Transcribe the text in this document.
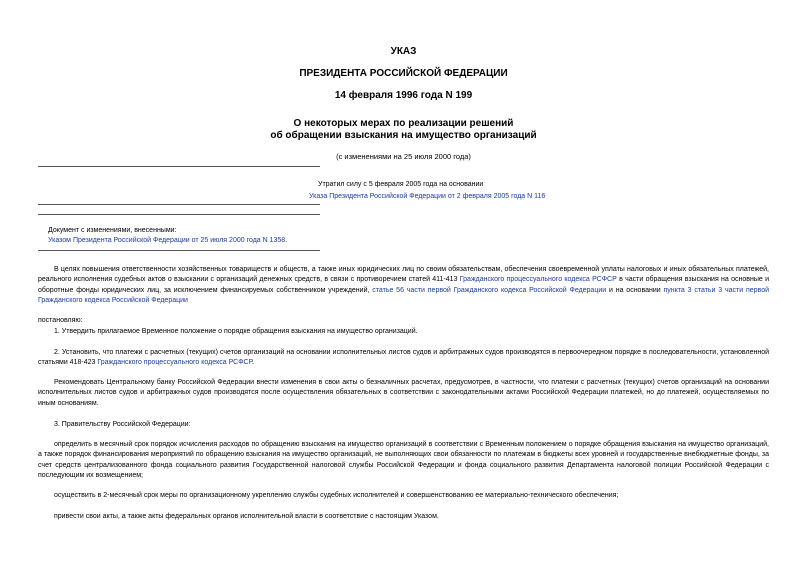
УКАЗ
ПРЕЗИДЕНТА РОССИЙСКОЙ ФЕДЕРАЦИИ
14 февраля 1996 года N 199
О некоторых мерах по реализации решений
об обращении взыскания на имущество организаций
(с изменениями на 25 июля 2000 года)
Утратил силу с 5 февраля 2005 года на основании
Указа Президента Российской Федерации от 2 февраля 2005 года N 116
Документ с изменениями, внесенными:
Указом Президента Российской Федерации от 25 июля 2000 года N 1358.
В целях повышения ответственности хозяйственных товариществ и обществ, а также иных юридических лиц по своим обязательствам, обеспечения своевременной уплаты налоговых и иных обязательных платежей, реального исполнения судебных актов о взыскании с организаций денежных средств, в связи с противоречием статей 411-413 Гражданского процессуального кодекса РСФСР в части обращения взыскания на основные и оборотные фонды юридических лиц, за исключением финансируемых собственником учреждений, статье 56 части первой Гражданского кодекса Российской Федерации и на основании пункта 3 статьи 3 части первой Гражданского кодекса Российской Федерации
постановляю:
1. Утвердить прилагаемое Временное положение о порядке обращения взыскания на имущество организаций.
2. Установить, что платежи с расчетных (текущих) счетов организаций на основании исполнительных листов судов и арбитражных судов производятся в первоочередном порядке в последовательности, установленной статьями 418-423 Гражданского процессуального кодекса РСФСР.
Рекомендовать Центральному банку Российской Федерации внести изменения в свои акты о безналичных расчетах, предусмотрев, в частности, что платежи с расчетных (текущих) счетов организаций на основании исполнительных листов судов и арбитражных судов производятся после осуществления обязательных в соответствии с законодательными актами Российской Федерации платежей, но до платежей, осуществляемых по иным основаниям.
3. Правительству Российской Федерации:
определить в месячный срок порядок исчисления расходов по обращению взыскания на имущество организаций в соответствии с Временным положением о порядке обращения взыскания на имущество организаций, а также порядок финансирования мероприятий по обращению взыскания на имущество организаций, не выполняющих свои обязанности по платежам в бюджеты всех уровней и государственные внебюджетные фонды, за счет средств централизованного фонда социального развития Государственной налоговой службы Российской Федерации и фонда социального развития Департамента налоговой полиции Российской Федерации с последующим их возмещением;
осуществить в 2-месячный срок меры по организационному укреплению службы судебных исполнителей и совершенствованию ее материально-технического обеспечения;
привести свои акты, а также акты федеральных органов исполнительной власти в соответствие с настоящим Указом.
